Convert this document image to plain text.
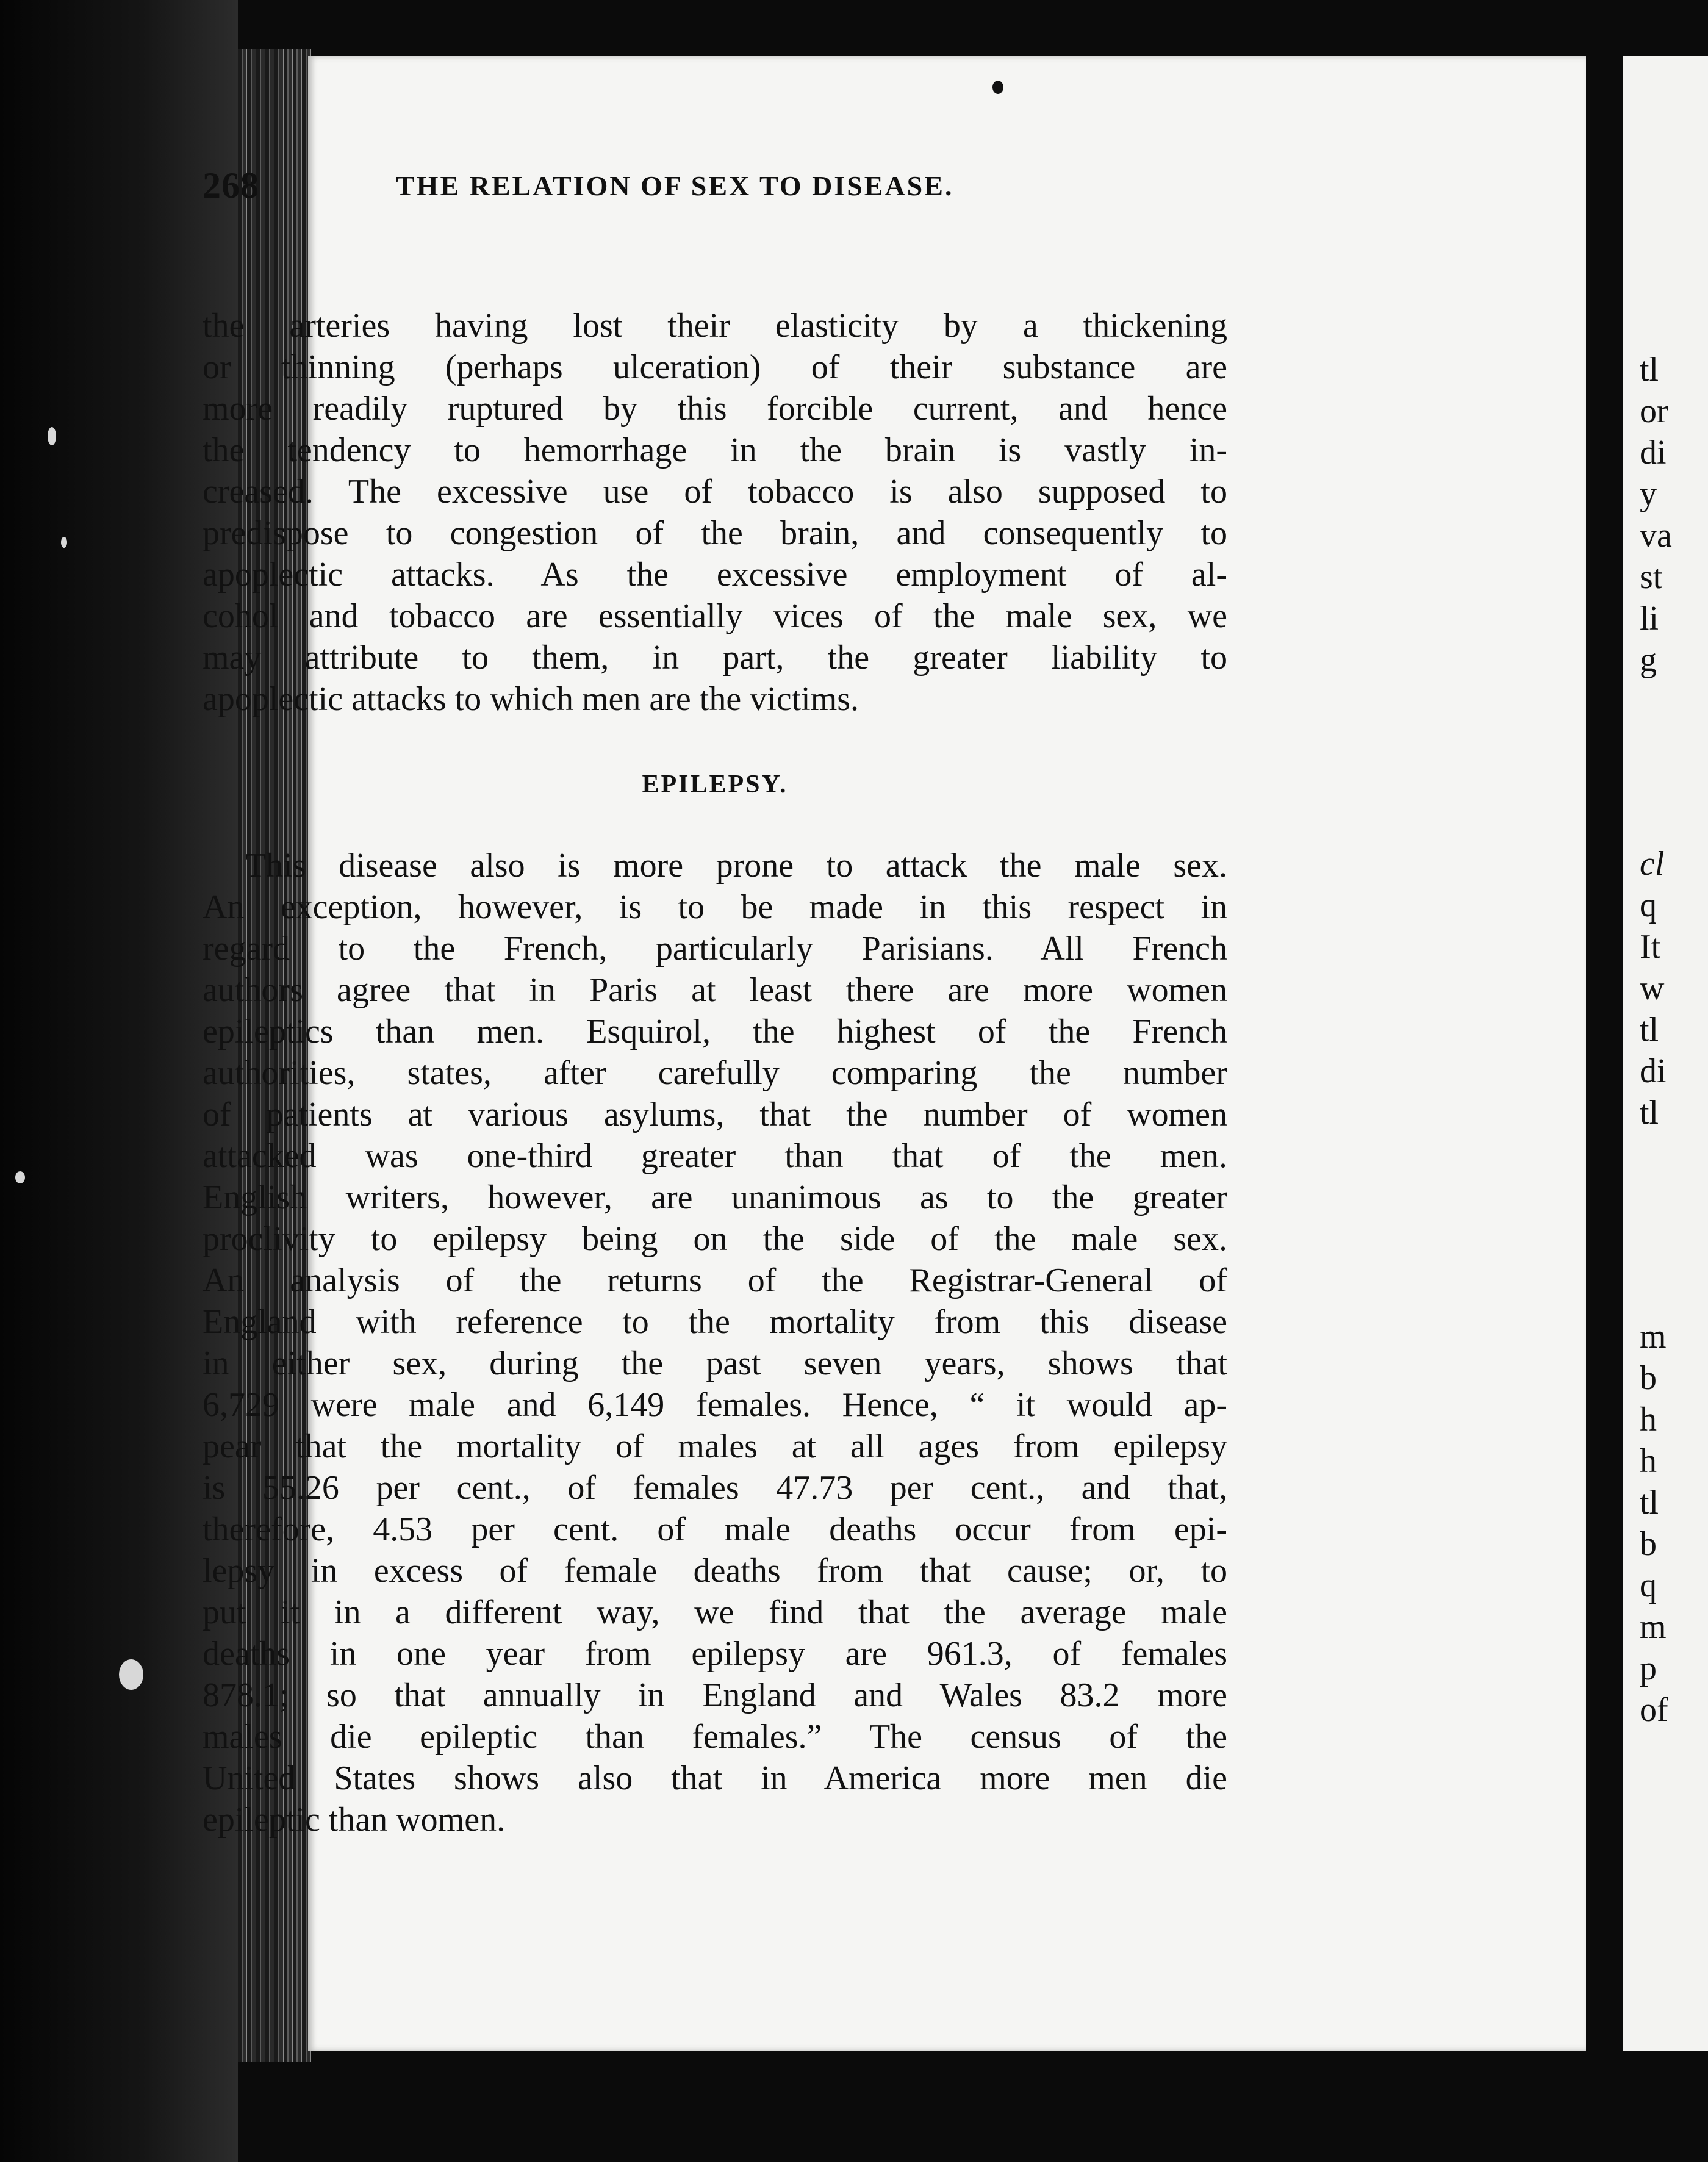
268	THE RELATION OF SEX TO DISEASE.
the arteries having lost their elasticity by a thickening
or thinning (perhaps ulceration) of their substance are
more readily ruptured by this forcible current, and hence
the tendency to hemorrhage in the brain is vastly in-
creased. The excessive use of tobacco is also supposed to
predispose to congestion of the brain, and consequently to
apoplectic attacks. As the excessive employment of al-
cohol and tobacco are essentially vices of the male sex, we
may attribute to them, in part, the greater liability to
apoplectic attacks to which men are the victims.
EPILEPSY.
This disease also is more prone to attack the male sex.
An exception, however, is to be made in this respect in
regard to the French, particularly Parisians. All French
authors agree that in Paris at least there are more women
epileptics than men. Esquirol, the highest of the French
authorities, states, after carefully comparing the number
of patients at various asylums, that the number of women
attacked was one-third greater than that of the men.
English writers, however, are unanimous as to the greater
proclivity to epilepsy being on the side of the male sex.
An analysis of the returns of the Registrar-General of
England with reference to the mortality from this disease
in either sex, during the past seven years, shows that
6,729 were male and 6,149 females. Hence, “ it would ap-
pear that the mortality of males at all ages from epilepsy
is 55.26 per cent., of females 47.73 per cent., and that,
therefore, 4.53 per cent. of male deaths occur from epi-
lepsy in excess of female deaths from that cause; or, to
put it in a different way, we find that the average male
deaths in one year from epilepsy are 961.3, of females
878.1; so that annually in England and Wales 83.2 more
males die epileptic than females.” The census of the
United States shows also that in America more men die
epileptic than women.
tl
or
di
y
va
st
li
g
cl
q
It
w
tl
di
tl
m
b
h
h
tl
b
q
m
p
of
